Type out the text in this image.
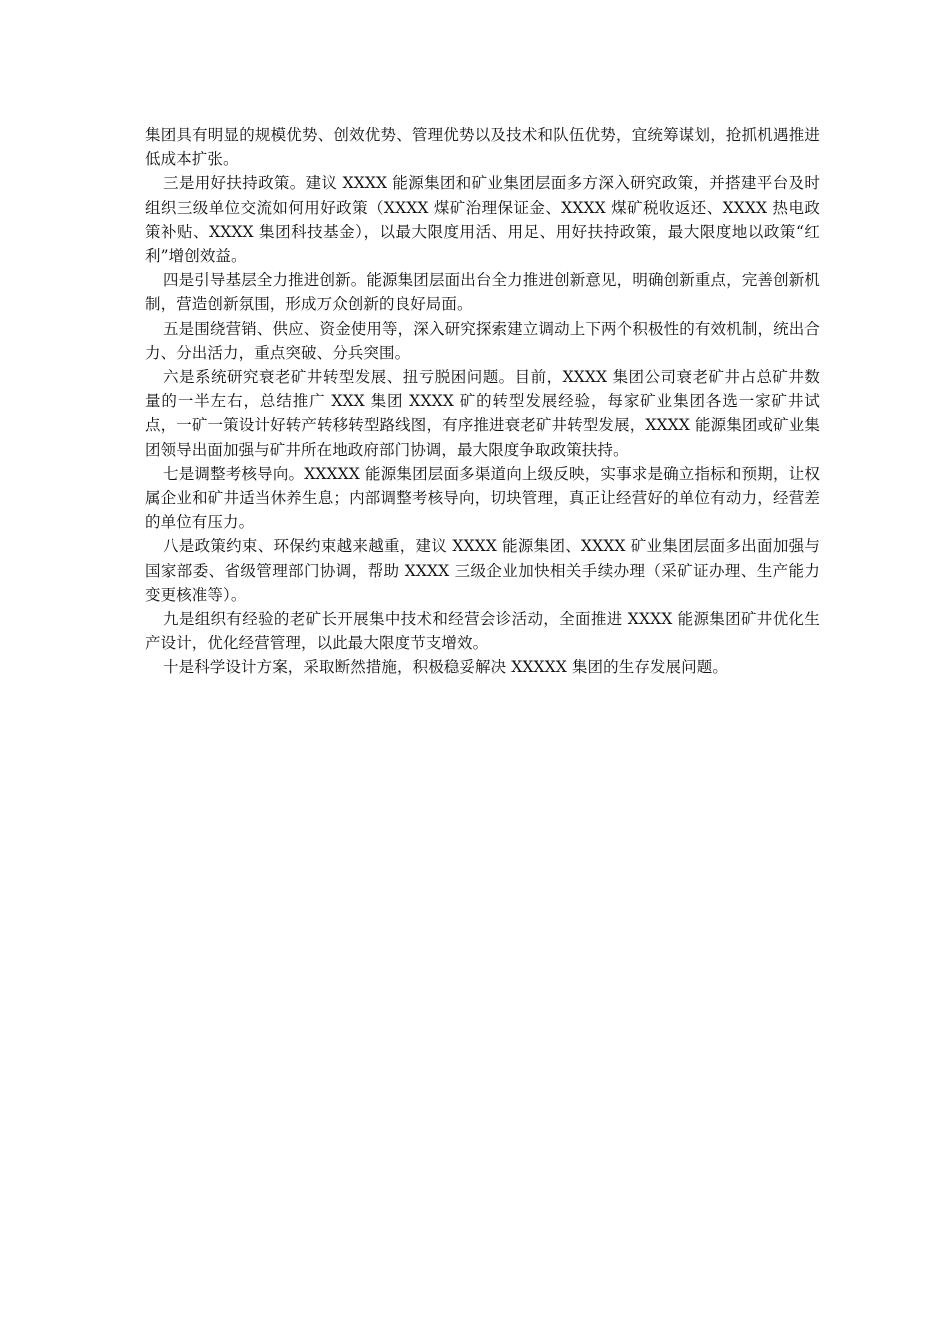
集团具有明显的规模优势、创效优势、管理优势以及技术和队伍优势，宜统筹谋划，抢抓机遇推进低成本扩张。

三是用好扶持政策。建议 XXXX 能源集团和矿业集团层面多方深入研究政策，并搭建平台及时组织三级单位交流如何用好政策（XXXX 煤矿治理保证金、XXXX 煤矿税收返还、XXXX 热电政策补贴、XXXX 集团科技基金），以最大限度用活、用足、用好扶持政策，最大限度地以政策“红利”增创效益。

四是引导基层全力推进创新。能源集团层面出台全力推进创新意见，明确创新重点，完善创新机制，营造创新氛围，形成万众创新的良好局面。

五是围绕营销、供应、资金使用等，深入研究探索建立调动上下两个积极性的有效机制，统出合力、分出活力，重点突破、分兵突围。

六是系统研究衰老矿井转型发展、扭亏脱困问题。目前，XXXX 集团公司衰老矿井占总矿井数量的一半左右，总结推广 XXX 集团 XXXX 矿的转型发展经验，每家矿业集团各选一家矿井试点，一矿一策设计好转产转移转型路线图，有序推进衰老矿井转型发展，XXXX 能源集团或矿业集团领导出面加强与矿井所在地政府部门协调，最大限度争取政策扶持。

七是调整考核导向。XXXXX 能源集团层面多渠道向上级反映，实事求是确立指标和预期，让权属企业和矿井适当休养生息；内部调整考核导向，切块管理，真正让经营好的单位有动力，经营差的单位有压力。

八是政策约束、环保约束越来越重，建议 XXXX 能源集团、XXXX 矿业集团层面多出面加强与国家部委、省级管理部门协调，帮助 XXXX 三级企业加快相关手续办理（采矿证办理、生产能力变更核准等）。

九是组织有经验的老矿长开展集中技术和经营会诊活动，全面推进 XXXX 能源集团矿井优化生产设计，优化经营管理，以此最大限度节支增效。

十是科学设计方案，采取断然措施，积极稳妥解决 XXXXX 集团的生存发展问题。
